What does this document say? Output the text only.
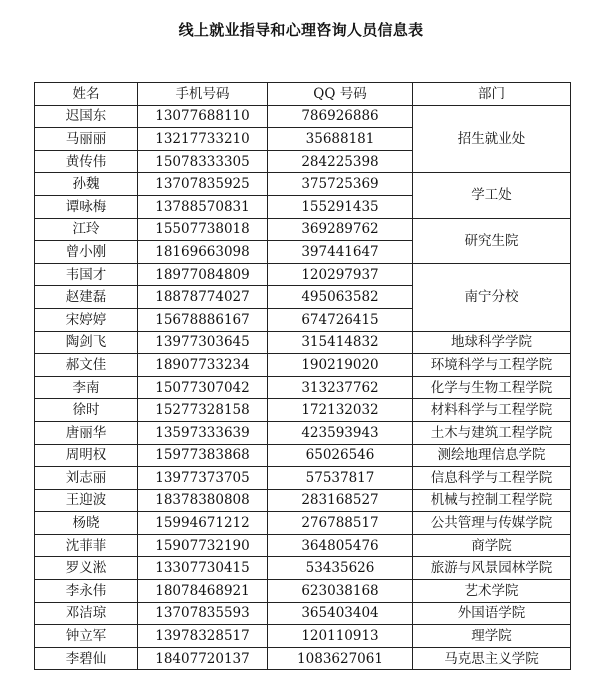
线上就业指导和心理咨询人员信息表
姓名	手机号码	QQ 号码	部门
迟国东	13077688110	786926886	招生就业处
马丽丽	13217733210	35688181	
黄传伟	15078333305	284225398	
孙魏	13707835925	375725369	学工处
谭咏梅	13788570831	155291435	
江玲	15507738018	369289762	研究生院
曾小刚	18169663098	397441647	
韦国才	18977084809	120297937	南宁分校
赵建磊	18878774027	495063582	
宋婷婷	15678886167	674726415	
陶剑飞	13977303645	315414832	地球科学学院
郝文佳	18907733234	190219020	环境科学与工程学院
李南	15077307042	313237762	化学与生物工程学院
徐时	15277328158	172132032	材料科学与工程学院
唐丽华	13597333639	423593943	土木与建筑工程学院
周明权	15977383868	65026546	测绘地理信息学院
刘志丽	13977373705	57537817	信息科学与工程学院
王迎波	18378380808	283168527	机械与控制工程学院
杨晓	15994671212	276788517	公共管理与传媒学院
沈菲菲	15907732190	364805476	商学院
罗义淞	13307730415	53435626	旅游与风景园林学院
李永伟	18078468921	623038168	艺术学院
邓洁琼	13707835593	365403404	外国语学院
钟立军	13978328517	120110913	理学院
李碧仙	18407720137	1083627061	马克思主义学院
